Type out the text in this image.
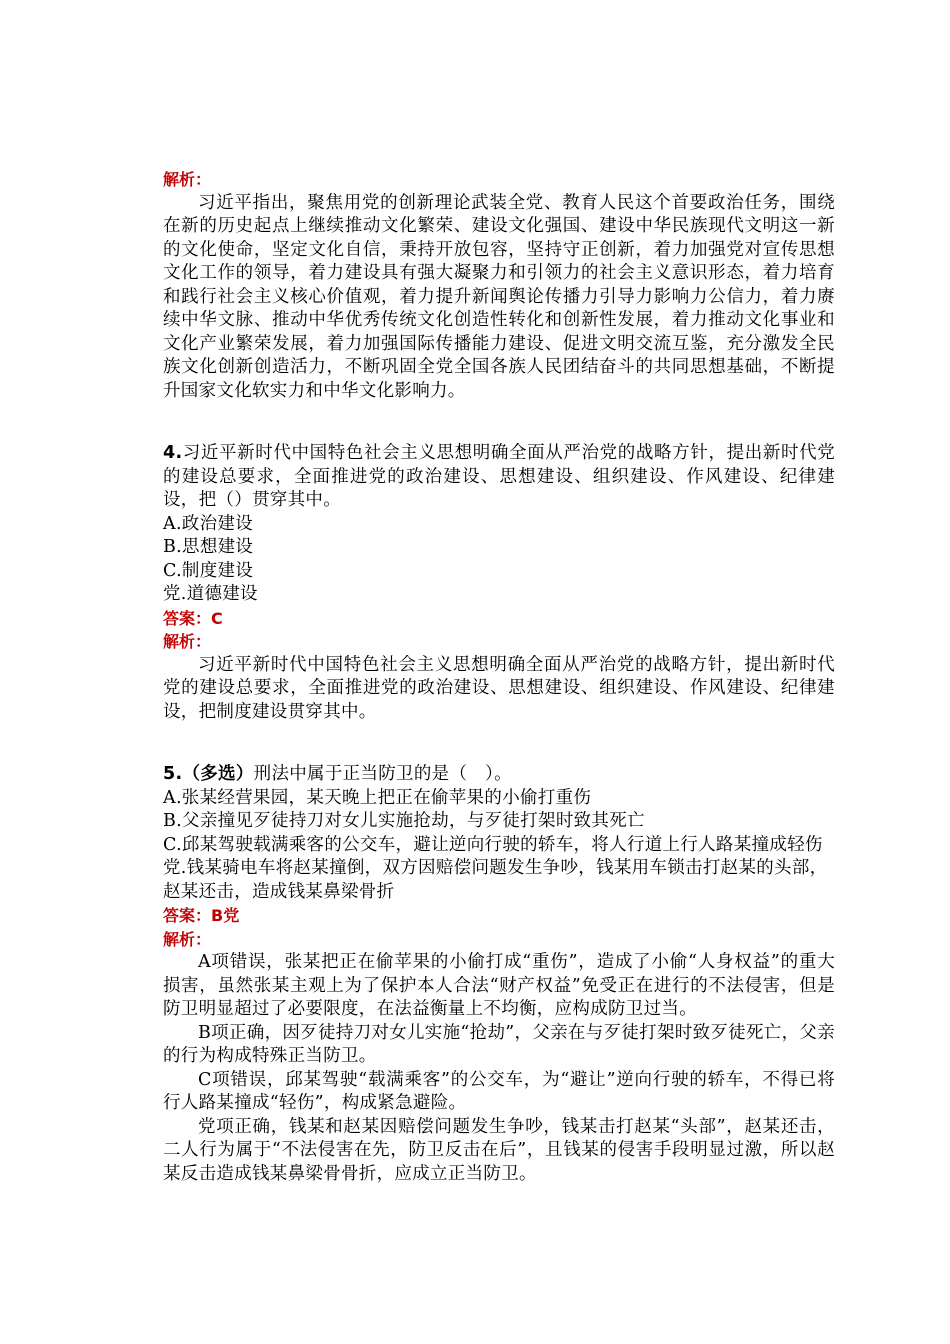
解析：

习近平指出，聚焦用党的创新理论武装全党、教育人民这个首要政治任务，围绕在新的历史起点上继续推动文化繁荣、建设文化强国、建设中华民族现代文明这一新的文化使命，坚定文化自信，秉持开放包容，坚持守正创新，着力加强党对宣传思想文化工作的领导，着力建设具有强大凝聚力和引领力的社会主义意识形态，着力培育和践行社会主义核心价值观，着力提升新闻舆论传播力引导力影响力公信力，着力赓续中华文脉、推动中华优秀传统文化创造性转化和创新性发展，着力推动文化事业和文化产业繁荣发展，着力加强国际传播能力建设、促进文明交流互鉴，充分激发全民族文化创新创造活力，不断巩固全党全国各族人民团结奋斗的共同思想基础，不断提升国家文化软实力和中华文化影响力。

4.习近平新时代中国特色社会主义思想明确全面从严治党的战略方针，提出新时代党的建设总要求，全面推进党的政治建设、思想建设、组织建设、作风建设、纪律建设，把（）贯穿其中。

A.政治建设

B.思想建设

C.制度建设

党.道德建设

答案：C
解析：

习近平新时代中国特色社会主义思想明确全面从严治党的战略方针，提出新时代党的建设总要求，全面推进党的政治建设、思想建设、组织建设、作风建设、纪律建设，把制度建设贯穿其中。

5.（多选）刑法中属于正当防卫的是（　）。

A.张某经营果园，某天晚上把正在偷苹果的小偷打重伤

B.父亲撞见歹徒持刀对女儿实施抢劫，与歹徒打架时致其死亡

C.邱某驾驶载满乘客的公交车，避让逆向行驶的轿车，将人行道上行人路某撞成轻伤

党.钱某骑电车将赵某撞倒，双方因赔偿问题发生争吵，钱某用车锁击打赵某的头部，赵某还击，造成钱某鼻梁骨折

答案：B党
解析：

A项错误，张某把正在偷苹果的小偷打成“重伤”，造成了小偷“人身权益”的重大损害，虽然张某主观上为了保护本人合法“财产权益”免受正在进行的不法侵害，但是防卫明显超过了必要限度，在法益衡量上不均衡，应构成防卫过当。

B项正确，因歹徒持刀对女儿实施“抢劫”，父亲在与歹徒打架时致歹徒死亡，父亲的行为构成特殊正当防卫。

C项错误，邱某驾驶“载满乘客”的公交车，为“避让”逆向行驶的轿车，不得已将行人路某撞成“轻伤”，构成紧急避险。

党项正确，钱某和赵某因赔偿问题发生争吵，钱某击打赵某“头部”，赵某还击，二人行为属于“不法侵害在先，防卫反击在后”，且钱某的侵害手段明显过激，所以赵某反击造成钱某鼻梁骨骨折，应成立正当防卫。
